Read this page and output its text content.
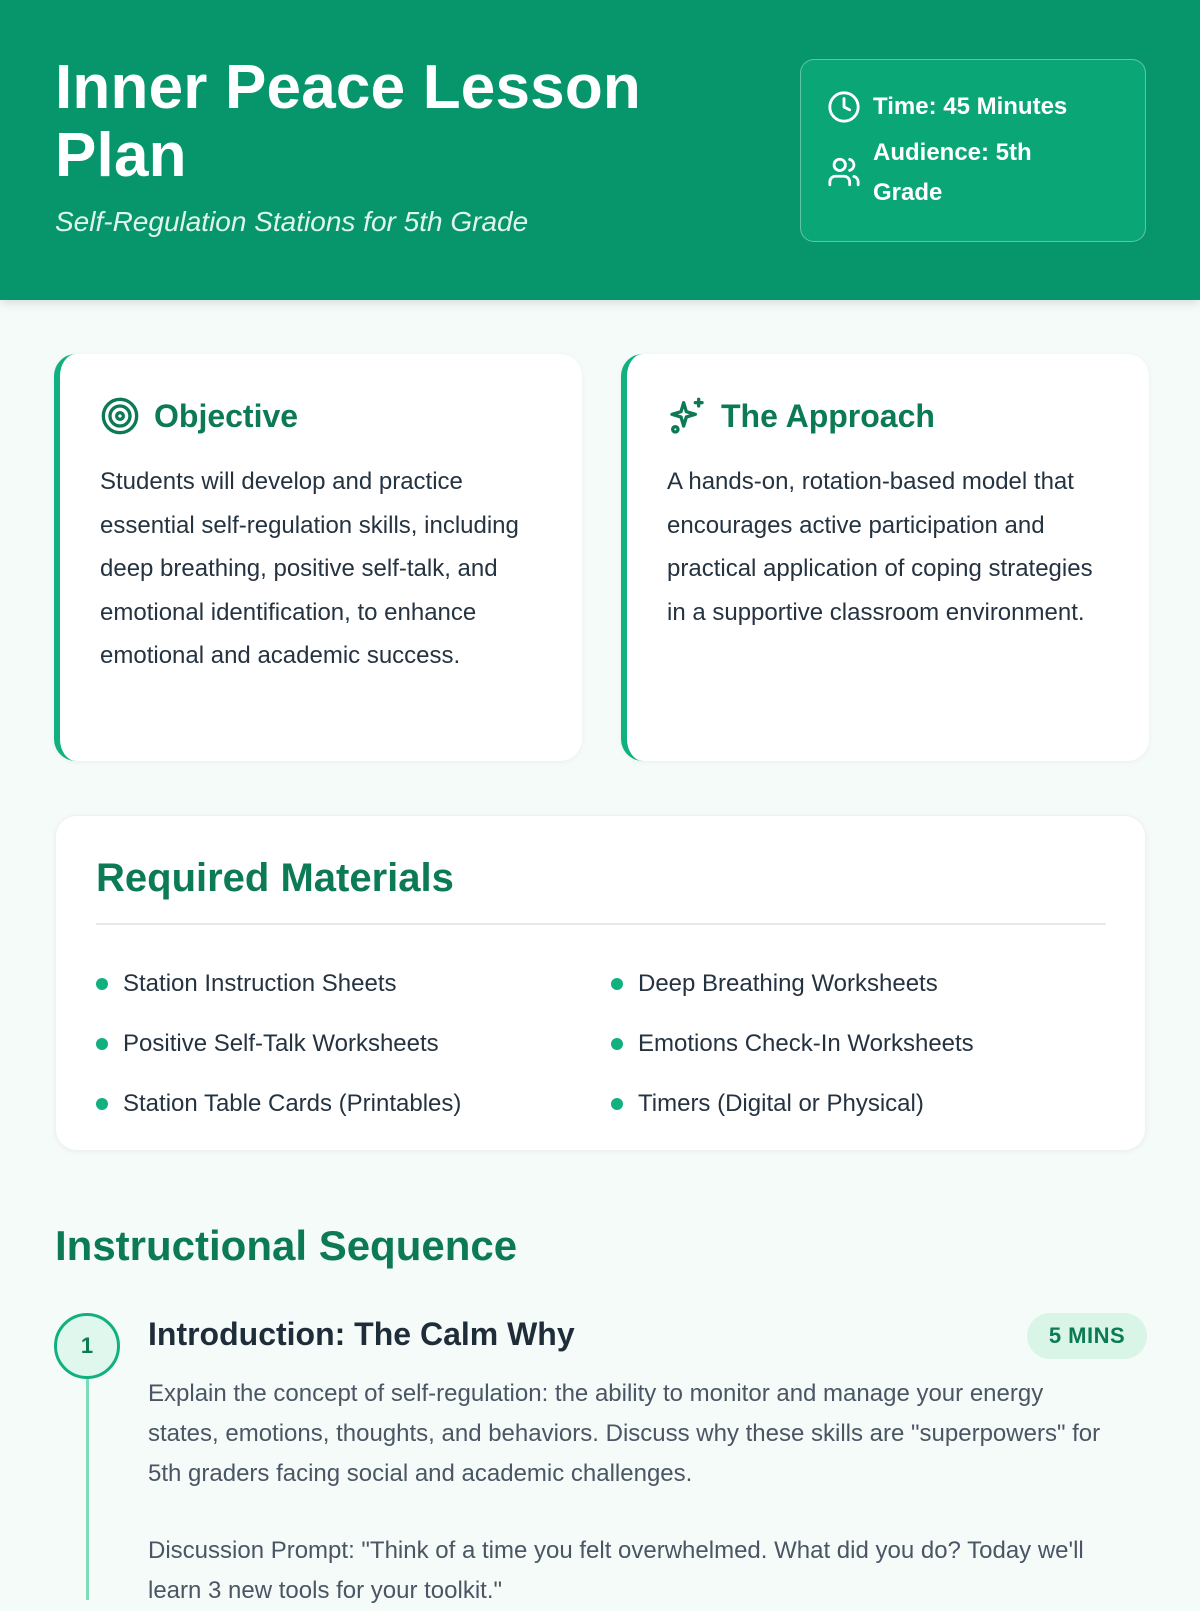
Inner Peace Lesson Plan

Self-Regulation Stations for 5th Grade

Time: 45 Minutes
Audience: 5th Grade
Objective

Students will develop and practice essential self-regulation skills, including deep breathing, positive self-talk, and emotional identification, to enhance emotional and academic success.

The Approach

A hands-on, rotation-based model that encourages active participation and practical application of coping strategies in a supportive classroom environment.

Required Materials
Station Instruction Sheets
Positive Self-Talk Worksheets
Station Table Cards (Printables)
Deep Breathing Worksheets
Emotions Check-In Worksheets
Timers (Digital or Physical)
Instructional Sequence
1	Introduction: The Calm Why	5 MINS

Explain the concept of self-regulation: the ability to monitor and manage your energy states, emotions, thoughts, and behaviors. Discuss why these skills are "superpowers" for 5th graders facing social and academic challenges.

Discussion Prompt: "Think of a time you felt overwhelmed. What did you do? Today we'll learn 3 new tools for your toolkit."
